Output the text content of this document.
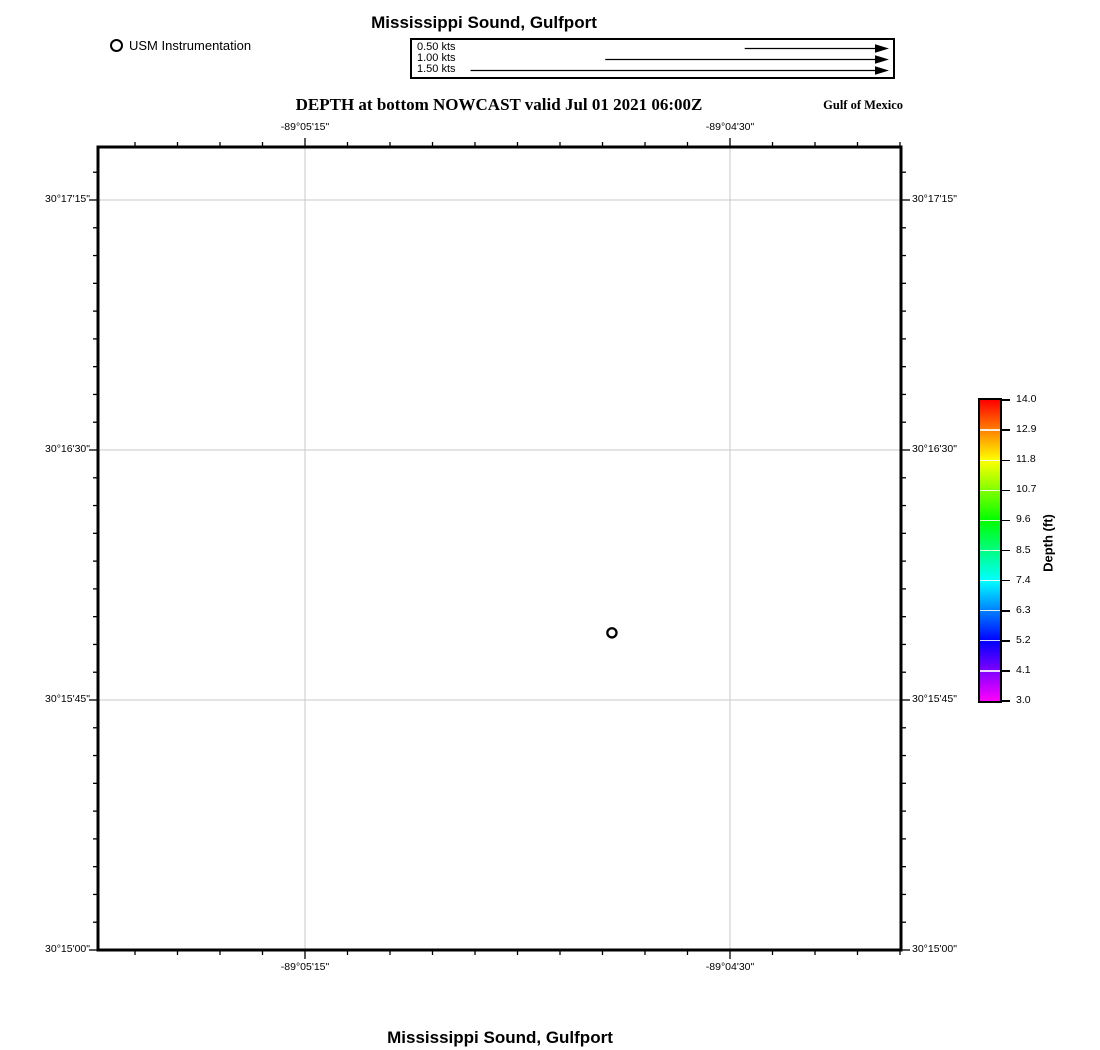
Mississippi Sound, Gulfport
USM Instrumentation	0.50 kts
1.00 kts
1.50 kts
DEPTH at bottom NOWCAST valid Jul 01 2021 06:00Z	Gulf of Mexico
-89°05'15"	-89°04'30"
-89°05'15"	-89°04'30"
30°17'15"
30°16'30"
30°15'45"
30°15'00"
30°17'15"
30°16'30"
30°15'45"
30°15'00"
Depth (ft)
Mississippi Sound, Gulfport
14.0
12.9
11.8
10.7
9.6
8.5
7.4
6.3
5.2
4.1
3.0
